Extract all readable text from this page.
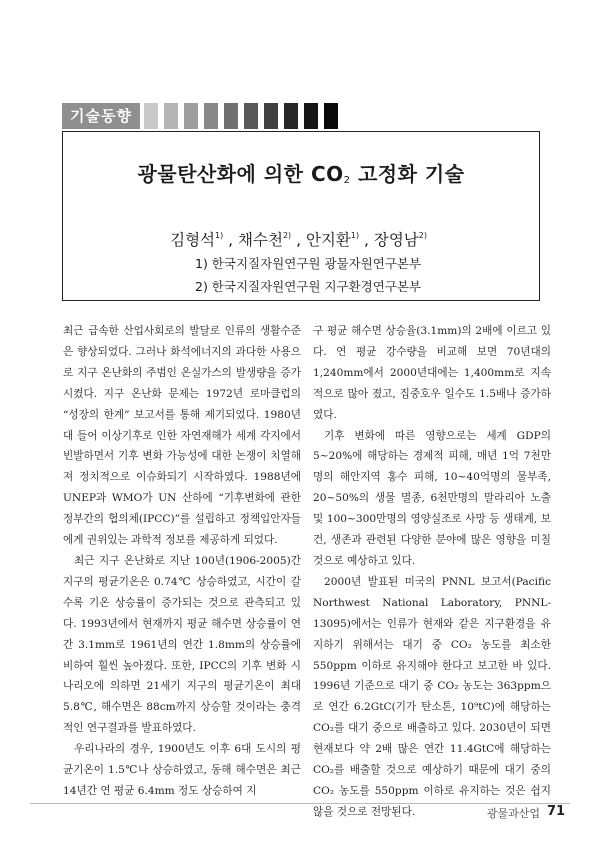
기술동향
광물탄산화에 의한 $CO_2$ 고정화 기술
김형석$^{1)}$ , 채수천$^{2)}$ , 안지환$^{1)}$ , 장영남$^{2)}$
1) 한국지질자원연구원 광물자원연구본부
2) 한국지질자원연구원 지구환경연구본부

최근 급속한 산업사회로의 발달로 인류의 생활수준은 향상되었다. 그러나 화석에너지의 과다한 사용으로 지구 온난화의 주범인 온실가스의 발생량을 증가시켰다. 지구 온난화 문제는 1972년 로마클럽의 “성장의 한계” 보고서를 통해 제기되었다. 1980년대 들어 이상기후로 인한 자연재해가 세계 각지에서 빈발하면서 기후 변화 가능성에 대한 논쟁이 치열해져 정치적으로 이슈화되기 시작하였다. 1988년에 UNEP과 WMO가 UN 산하에 “기후변화에 관한 정부간의 협의체(IPCC)”를 설립하고 정책입안자들에게 권위있는 과학적 정보를 제공하게 되었다.

최근 지구 온난화로 지난 100년(1906-2005)간 지구의 평균기온은 0.74℃ 상승하였고, 시간이 갈수록 기온 상승률이 증가되는 것으로 관측되고 있다. 1993년에서 현재까지 평균 해수면 상승률이 연간 3.1mm로 1961년의 연간 1.8mm의 상승률에 비하여 훨씬 높아졌다. 또한, IPCC의 기후 변화 시나리오에 의하면 21세기 지구의 평균기온이 최대 5.8℃, 해수면은 88cm까지 상승할 것이라는 충격적인 연구결과를 발표하였다.

우리나라의 경우, 1900년도 이후 6대 도시의 평균기온이 1.5℃나 상승하였고, 동해 해수면은 최근 14년간 연 평균 6.4mm 정도 상승하여 지

구 평균 해수면 상승율(3.1mm)의 2배에 이르고 있다. 연 평균 강수량을 비교해 보면 70년대의 1,240mm에서 2000년대에는 1,400mm로 지속적으로 많아 졌고, 집중호우 일수도 1.5배나 증가하였다.

기후 변화에 따른 영향으로는 세계 GDP의 5~20%에 해당하는 경제적 피해, 매년 1억 7천만명의 해안지역 홍수 피해, 10~40억명의 물부족, 20~50%의 생물 멸종, 6천만명의 말라리아 노출 및 100~300만명의 영양실조로 사망 등 생태계, 보건, 생존과 관련된 다양한 분야에 많은 영향을 미칠 것으로 예상하고 있다.

2000년 발표된 미국의 PNNL 보고서(Pacific Northwest National Laboratory, PNNL-13095)에서는 인류가 현재와 같은 지구환경을 유지하기 위해서는 대기 중 CO₂ 농도를 최소한 550ppm 이하로 유지해야 한다고 보고한 바 있다. 1996년 기준으로 대기 중 CO₂ 농도는 363ppm으로 연간 6.2GtC(기가 탄소톤, 10⁹tC)에 해당하는 CO₂를 대기 중으로 배출하고 있다. 2030년이 되면 현재보다 약 2배 많은 연간 11.4GtC에 해당하는 CO₂를 배출할 것으로 예상하기 때문에 대기 중의 CO₂ 농도를 550ppm 이하로 유지하는 것은 쉽지 않을 것으로 전망된다.	광물과산업 71
